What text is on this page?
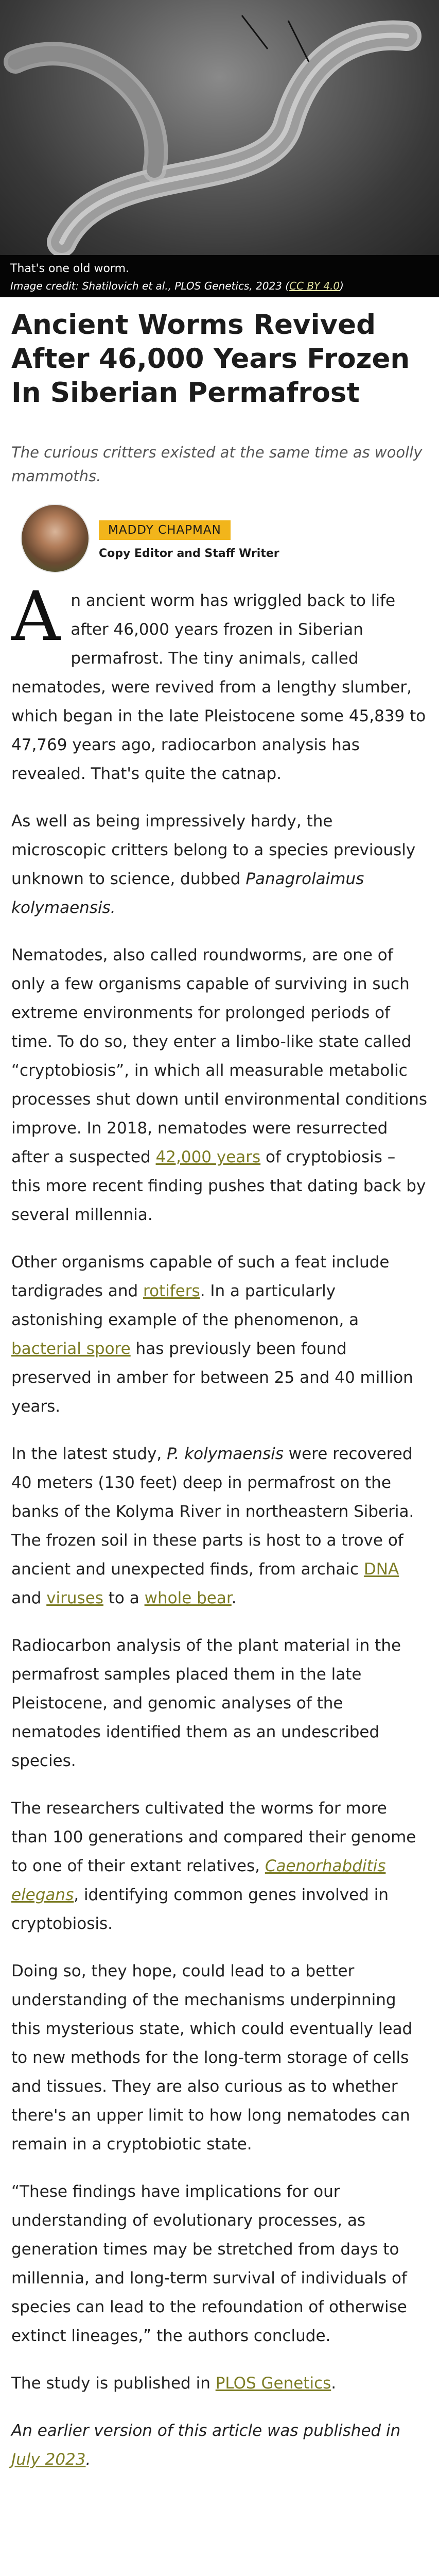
That's one old worm.
Image credit: Shatilovich et al., PLOS Genetics, 2023 (CC BY 4.0)
Ancient Worms Revived After 46,000 Years Frozen In Siberian Permafrost

The curious critters existed at the same time as woolly mammoths.

MADDY CHAPMAN
Copy Editor and Staff Writer

An ancient worm has wriggled back to life after 46,000 years frozen in Siberian permafrost. The tiny animals, called nematodes, were revived from a lengthy slumber, which began in the late Pleistocene some 45,839 to 47,769 years ago, radiocarbon analysis has revealed. That's quite the catnap.

As well as being impressively hardy, the microscopic critters belong to a species previously unknown to science, dubbed Panagrolaimus kolymaensis.

Nematodes, also called roundworms, are one of only a few organisms capable of surviving in such extreme environments for prolonged periods of time. To do so, they enter a limbo-like state called “cryptobiosis”, in which all measurable metabolic processes shut down until environmental conditions improve. In 2018, nematodes were resurrected after a suspected 42,000 years of cryptobiosis – this more recent finding pushes that dating back by several millennia.

Other organisms capable of such a feat include tardigrades and rotifers. In a particularly astonishing example of the phenomenon, a bacterial spore has previously been found preserved in amber for between 25 and 40 million years.

In the latest study, P. kolymaensis were recovered 40 meters (130 feet) deep in permafrost on the banks of the Kolyma River in northeastern Siberia. The frozen soil in these parts is host to a trove of ancient and unexpected finds, from archaic DNA and viruses to a whole bear.

Radiocarbon analysis of the plant material in the permafrost samples placed them in the late Pleistocene, and genomic analyses of the nematodes identified them as an undescribed species.

The researchers cultivated the worms for more than 100 generations and compared their genome to one of their extant relatives, Caenorhabditis elegans, identifying common genes involved in cryptobiosis.

Doing so, they hope, could lead to a better understanding of the mechanisms underpinning this mysterious state, which could eventually lead to new methods for the long-term storage of cells and tissues. They are also curious as to whether there's an upper limit to how long nematodes can remain in a cryptobiotic state.

“These findings have implications for our understanding of evolutionary processes, as generation times may be stretched from days to millennia, and long-term survival of individuals of species can lead to the refoundation of otherwise extinct lineages,” the authors conclude.

The study is published in PLOS Genetics.

An earlier version of this article was published in July 2023.
